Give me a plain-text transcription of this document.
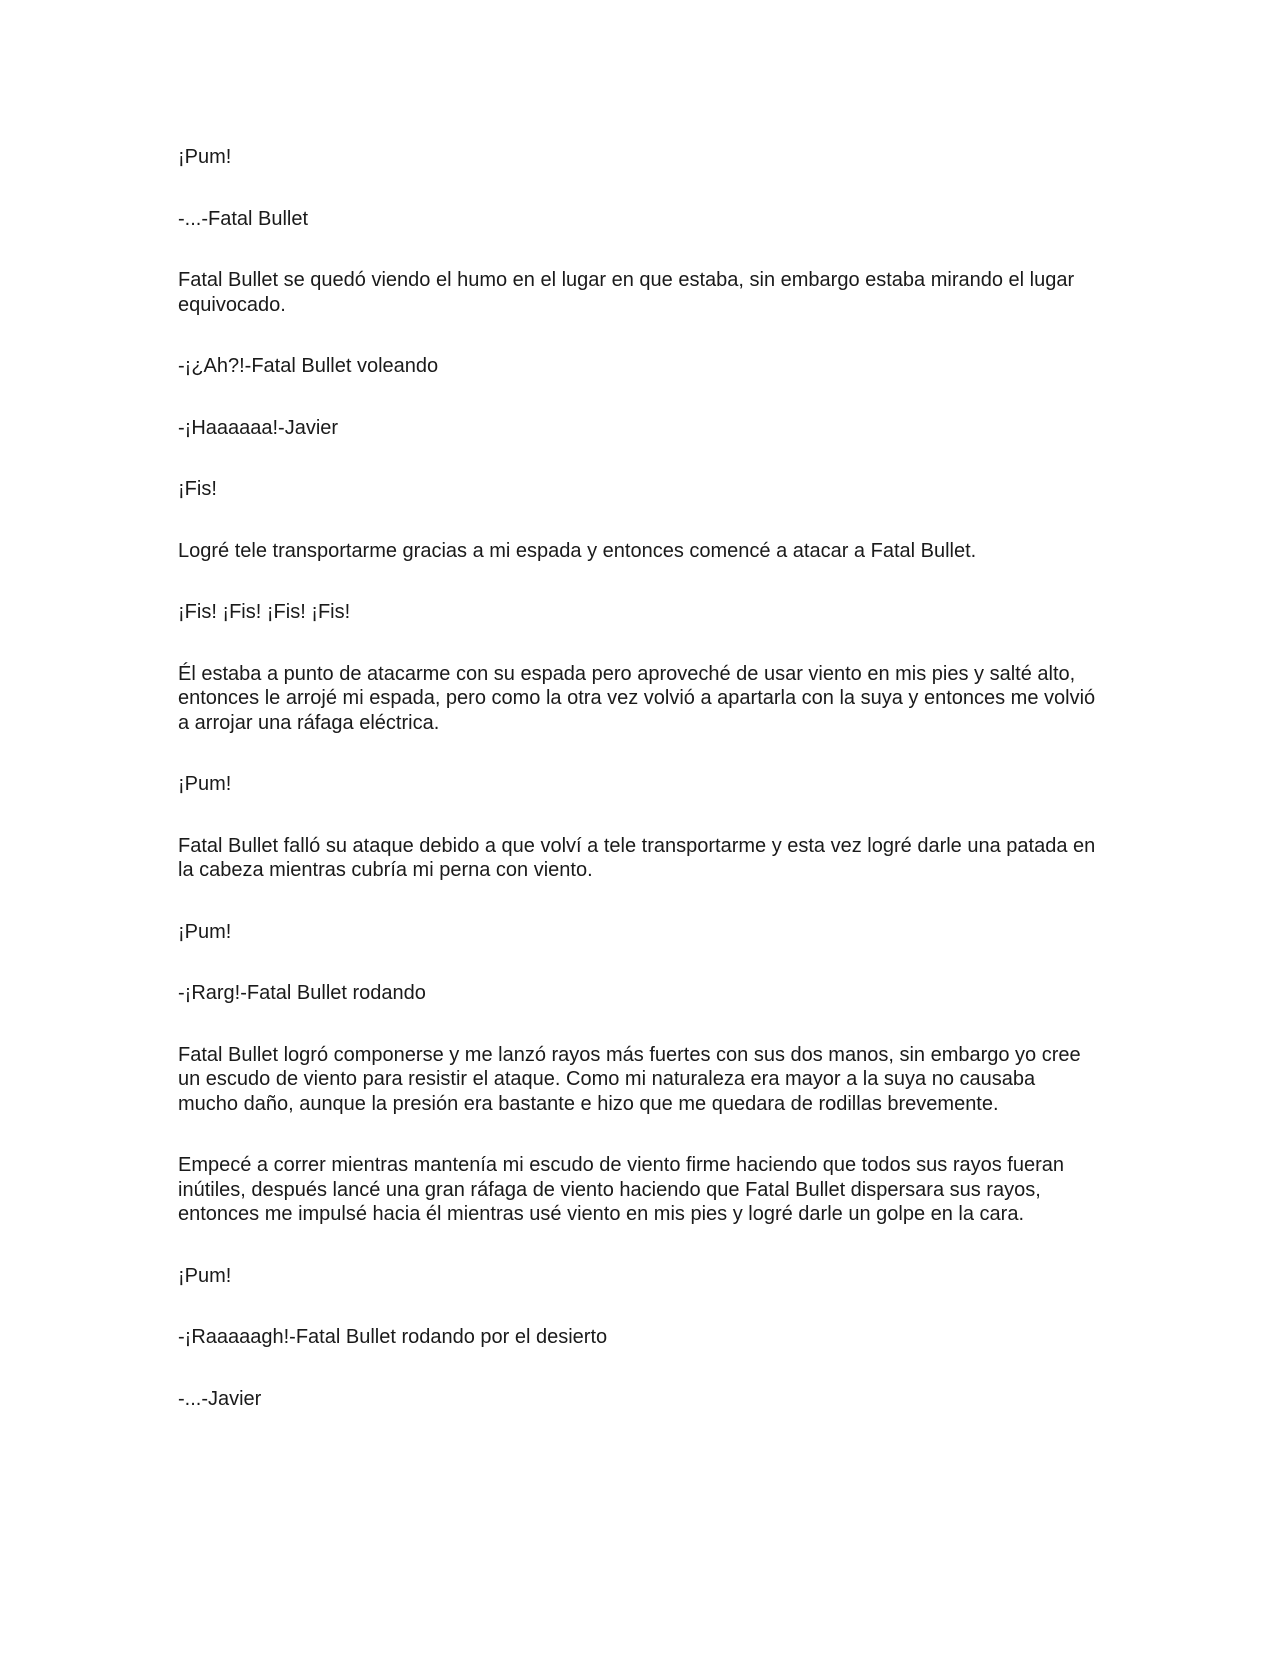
¡Pum!

-...-Fatal Bullet

Fatal Bullet se quedó viendo el humo en el lugar en que estaba, sin embargo estaba mirando el lugar equivocado.

-¡¿Ah?!-Fatal Bullet voleando

-¡Haaaaaa!-Javier

¡Fis!

Logré tele transportarme gracias a mi espada y entonces comencé a atacar a Fatal Bullet.

¡Fis! ¡Fis! ¡Fis! ¡Fis!

Él estaba a punto de atacarme con su espada pero aproveché de usar viento en mis pies y salté alto, entonces le arrojé mi espada, pero como la otra vez volvió a apartarla con la suya y entonces me volvió a arrojar una ráfaga eléctrica.

¡Pum!

Fatal Bullet falló su ataque debido a que volví a tele transportarme y esta vez logré darle una patada en la cabeza mientras cubría mi perna con viento.

¡Pum!

-¡Rarg!-Fatal Bullet rodando

Fatal Bullet logró componerse y me lanzó rayos más fuertes con sus dos manos, sin embargo yo cree un escudo de viento para resistir el ataque. Como mi naturaleza era mayor a la suya no causaba mucho daño, aunque la presión era bastante e hizo que me quedara de rodillas brevemente.

Empecé a correr mientras mantenía mi escudo de viento firme haciendo que todos sus rayos fueran inútiles, después lancé una gran ráfaga de viento haciendo que Fatal Bullet dispersara sus rayos, entonces me impulsé hacia él mientras usé viento en mis pies y logré darle un golpe en la cara.

¡Pum!

-¡Raaaaagh!-Fatal Bullet rodando por el desierto

-...-Javier
